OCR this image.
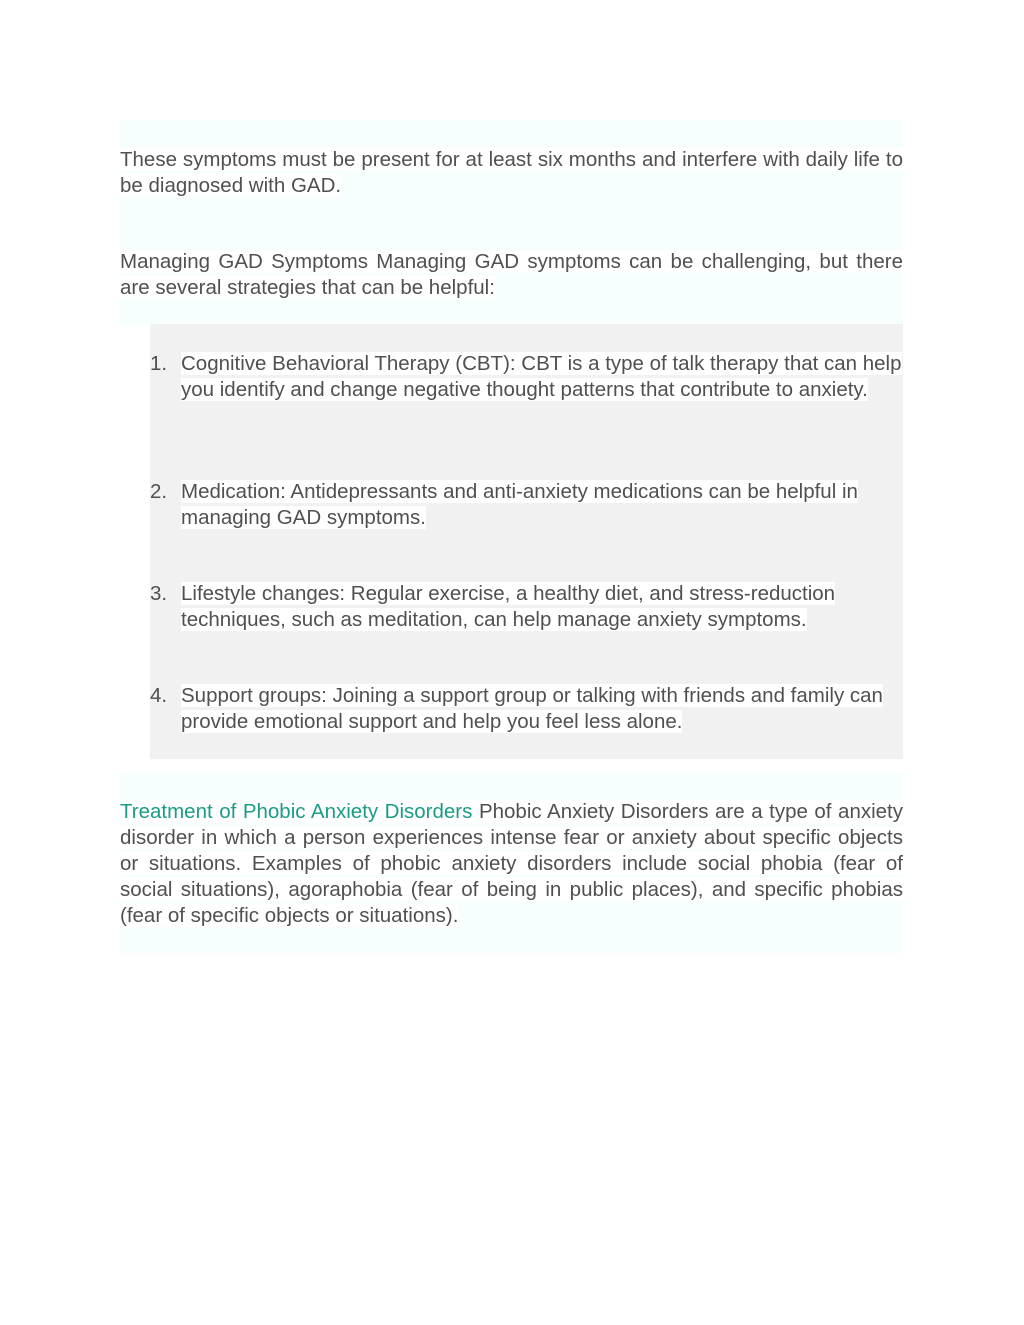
These symptoms must be present for at least six months and interfere with daily life to be diagnosed with GAD.

Managing GAD Symptoms Managing GAD symptoms can be challenging, but there are several strategies that can be helpful:

1. Cognitive Behavioral Therapy (CBT): CBT is a type of talk therapy that can help you identify and change negative thought patterns that contribute to anxiety.
2. Medication: Antidepressants and anti-anxiety medications can be helpful in managing GAD symptoms.
3. Lifestyle changes: Regular exercise, a healthy diet, and stress-reduction techniques, such as meditation, can help manage anxiety symptoms.
4. Support groups: Joining a support group or talking with friends and family can provide emotional support and help you feel less alone.

Treatment of Phobic Anxiety Disorders Phobic Anxiety Disorders are a type of anxiety disorder in which a person experiences intense fear or anxiety about specific objects or situations. Examples of phobic anxiety disorders include social phobia (fear of social situations), agoraphobia (fear of being in public places), and specific phobias (fear of specific objects or situations).
